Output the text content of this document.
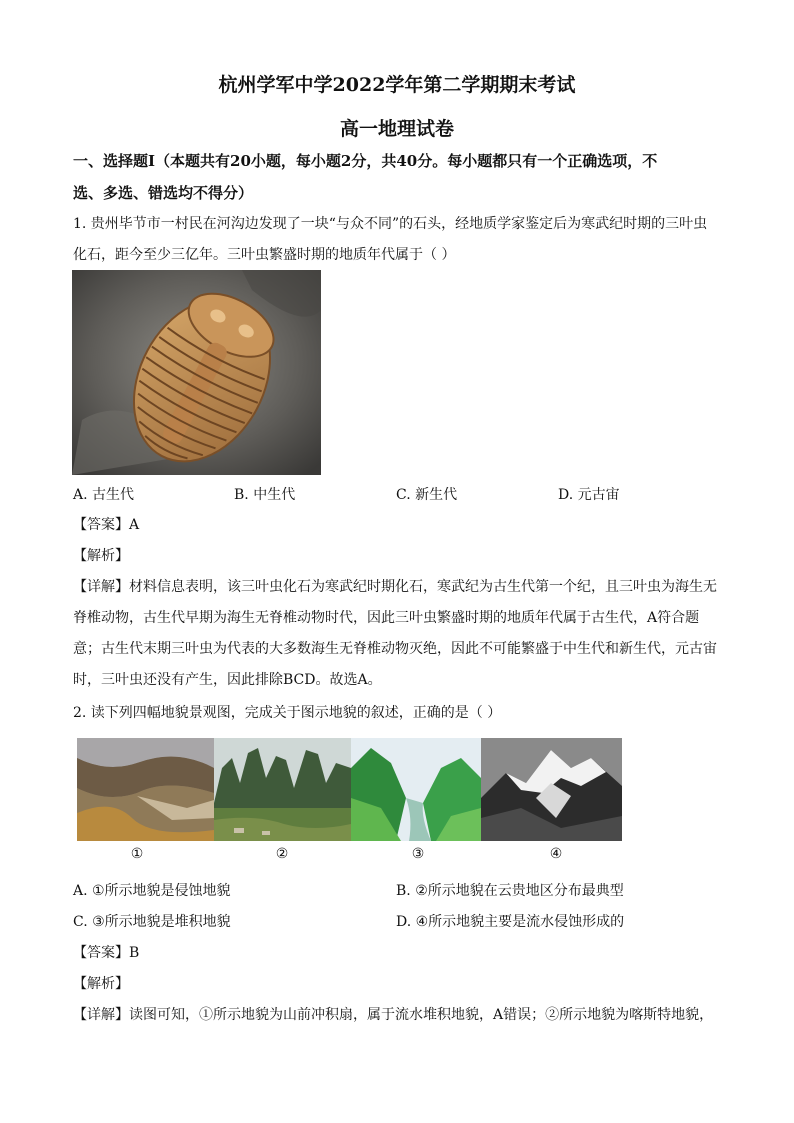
杭州学军中学2022学年第二学期期末考试
高一地理试卷
一、选择题Ⅰ（本题共有20小题，每小题2分，共40分。每小题都只有一个正确选项，不
选、多选、错选均不得分）
1. 贵州毕节市一村民在河沟边发现了一块“与众不同”的石头，经地质学家鉴定后为寒武纪时期的三叶虫
化石，距今至少三亿年。三叶虫繁盛时期的地质年代属于（ ）
A. 古生代	B. 中生代	C. 新生代	D. 元古宙
【答案】A
【解析】
【详解】材料信息表明，该三叶虫化石为寒武纪时期化石，寒武纪为古生代第一个纪，且三叶虫为海生无
脊椎动物，古生代早期为海生无脊椎动物时代，因此三叶虫繁盛时期的地质年代属于古生代，A符合题
意；古生代末期三叶虫为代表的大多数海生无脊椎动物灭绝，因此不可能繁盛于中生代和新生代，元古宙
时，三叶虫还没有产生，因此排除BCD。故选A。
2. 读下列四幅地貌景观图，完成关于图示地貌的叙述，正确的是（ ）
①	②	③	④
A. ①所示地貌是侵蚀地貌	B. ②所示地貌在云贵地区分布最典型
C. ③所示地貌是堆积地貌	D. ④所示地貌主要是流水侵蚀形成的
【答案】B
【解析】
【详解】读图可知，①所示地貌为山前冲积扇，属于流水堆积地貌，A错误；②所示地貌为喀斯特地貌，
